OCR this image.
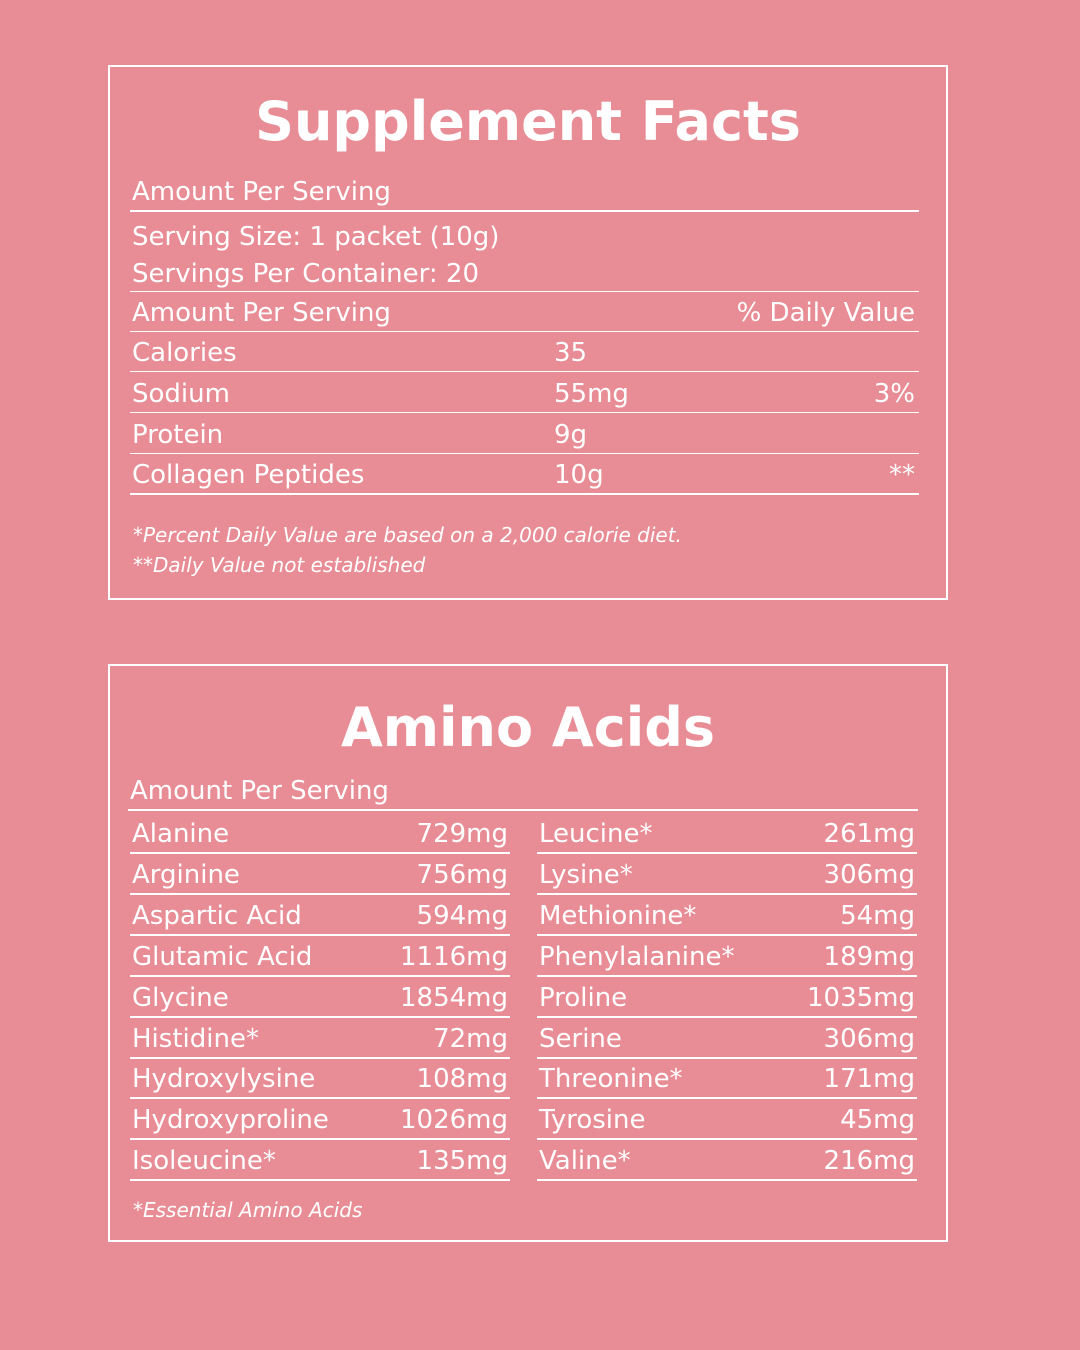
Supplement Facts
Amount Per Serving
Serving Size: 1 packet (10g)
Servings Per Container: 20
Amount Per Serving	% Daily Value
Calories	35
Sodium	55mg	3%
Protein	9g
Collagen Peptides	10g	**
*Percent Daily Value are based on a 2,000 calorie diet.
**Daily Value not established
Amino Acids
Amount Per Serving
Alanine	729mg
Arginine	756mg
Aspartic Acid	594mg
Glutamic Acid	1116mg
Glycine	1854mg
Histidine*	72mg
Hydroxylysine	108mg
Hydroxyproline	1026mg
Isoleucine*	135mg
Leucine*	261mg
Lysine*	306mg
Methionine*	54mg
Phenylalanine*	189mg
Proline	1035mg
Serine	306mg
Threonine*	171mg
Tyrosine	45mg
Valine*	216mg
*Essential Amino Acids
